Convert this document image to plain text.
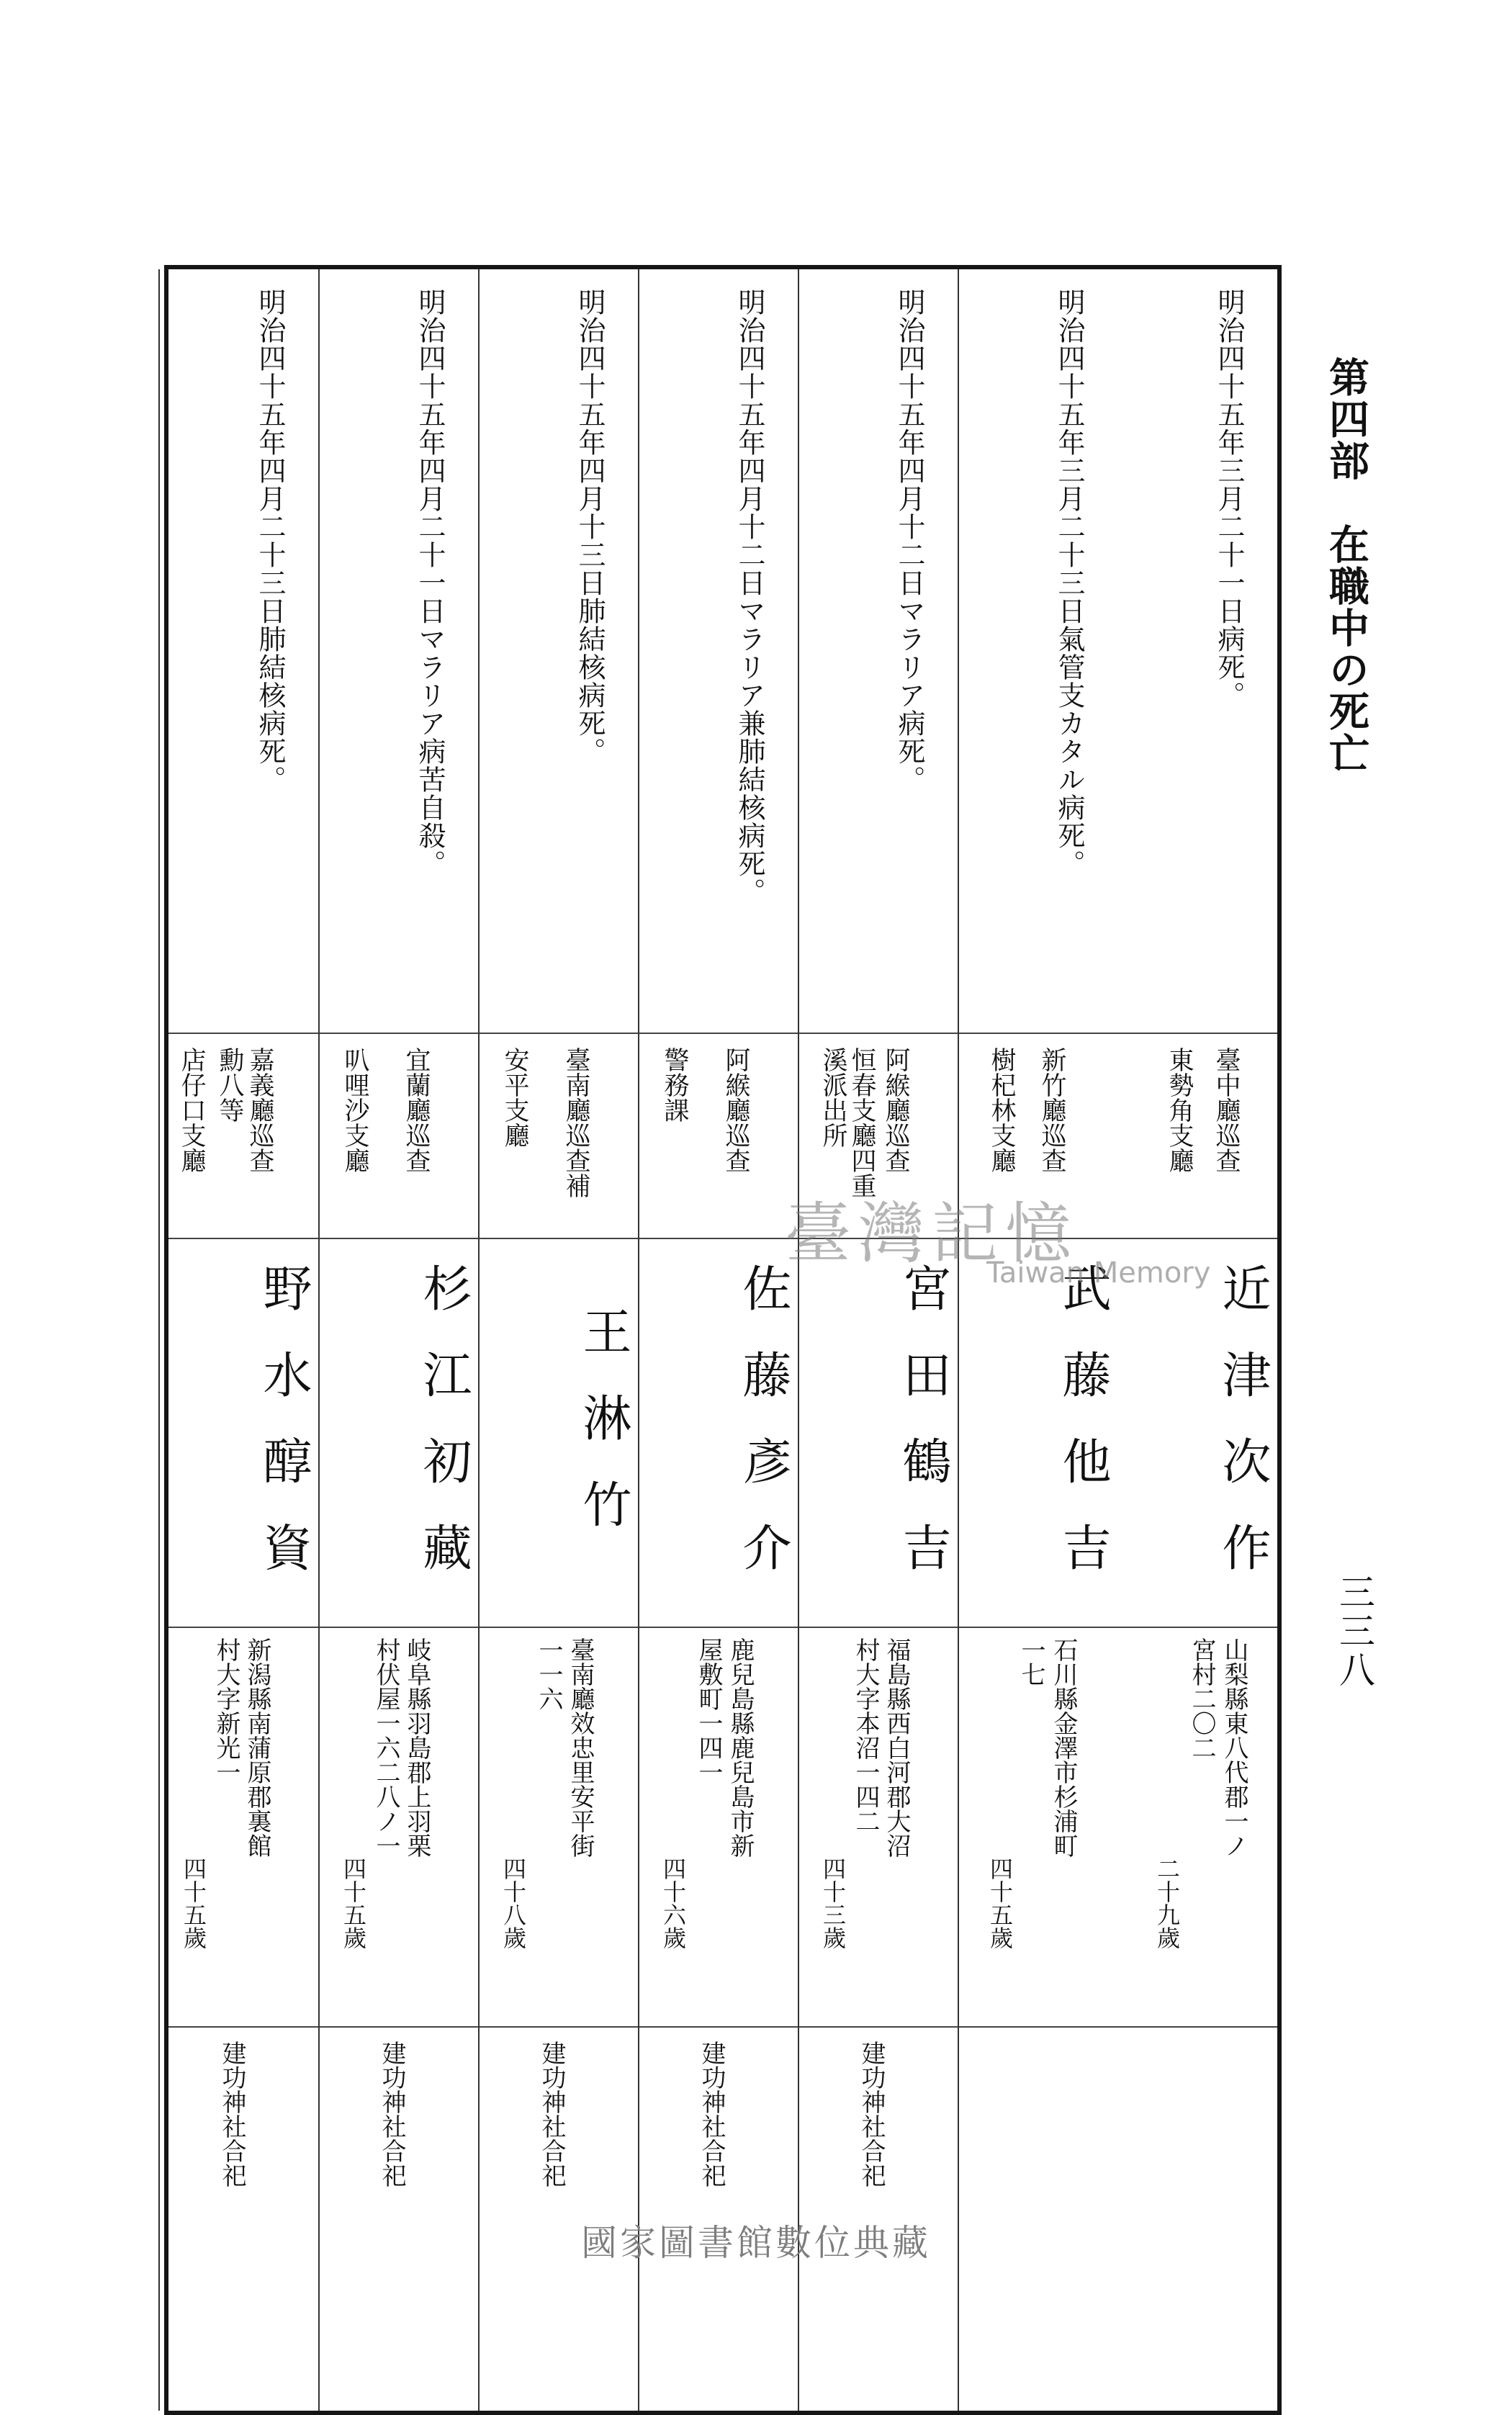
第四部　在職中の死亡
三三八
明治四十五年三月二十一日病死。
臺中廳巡查
東勢角支廳
近津次作
山梨縣東八代郡一ノ
宮村二〇二
二十九歲
明治四十五年三月二十三日氣管支カタル病死。
新竹廳巡查
樹杞林支廳
武藤他吉
石川縣金澤市杉浦町
一七
四十五歲
明治四十五年四月十二日マラリア病死。
阿緱廳巡查
恒春支廳四重
溪派出所
宮田鶴吉
福島縣西白河郡大沼
村大字本沼一四二
四十三歲
建功神社合祀
明治四十五年四月十二日マラリア兼肺結核病死。
阿緱廳巡查
警務課
佐藤彥介
鹿兒島縣鹿兒島市新
屋敷町一四一
四十六歲
建功神社合祀
明治四十五年四月十三日肺結核病死。
臺南廳巡查補
安平支廳
王淋竹
臺南廳效忠里安平街
一一六
四十八歲
建功神社合祀
明治四十五年四月二十一日マラリア病苦自殺。
宜蘭廳巡查
叭哩沙支廳
杉江初藏
岐阜縣羽島郡上羽栗
村伏屋一六二八ノ一
四十五歲
建功神社合祀
明治四十五年四月二十三日肺結核病死。
嘉義廳巡查
勳八等
店仔口支廳
野水醇資
新潟縣南蒲原郡裏館
村大字新光一
四十五歲
建功神社合祀
臺灣記憶
Taiwan Memory
國家圖書館數位典藏
